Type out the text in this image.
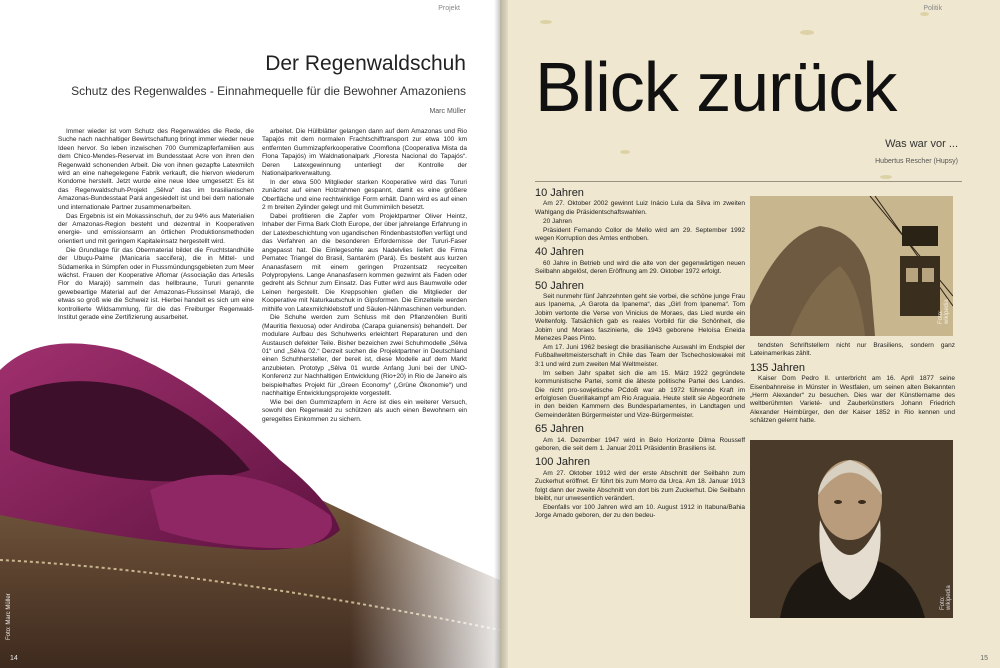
Projekt
Der Regenwaldschuh
Schutz des Regenwaldes - Einnahmequelle für die Bewohner Amazoniens
Marc Müller

Immer wieder ist vom Schutz des Regenwaldes die Rede, die Suche nach nachhaltiger Bewirtschaftung bringt immer wieder neue Ideen hervor. So leben inzwischen 700 Gummizapferfamilien aus dem Chico-Mendes-Reservat im Bundesstaat Acre von ihren den Regenwald schonenden Arbeit. Die von ihnen gezapfte Latexmilch wird an eine nahegelegene Fabrik verkauft, die hiervon wiederum Kondome herstellt. Jetzt wurde eine neue Idee umgesetzt: Es ist das Regenwaldschuh-Projekt „Sêlva“ das im brasilianischen Amazonas-Bundesstaat Pará angesiedelt ist und bei dem nationale und internationale Partner zusammenarbeiten.

Das Ergebnis ist ein Mokassinschuh, der zu 94% aus Materialien der Amazonas-Region besteht und dezentral in Kooperativen energie- und emissionsarm an örtlichen Produktionsmethoden orientiert und mit geringem Kapitaleinsatz hergestellt wird.

Die Grundlage für das Obermaterial bildet die Fruchtstandhülle der Ubuçu-Palme (Manicaria saccifera), die in Mittel- und Südamerika in Sümpfen oder in Flussmündungsgebieten zum Meer wächst. Frauen der Kooperative Aflomar (Associação das Artesãs Flor do Marajó) sammeln das hellbraune, Tururi genannte gewebeartige Material auf der Amazonas-Flussinsel Marajó, die etwas so groß wie die Schweiz ist. Hierbei handelt es sich um eine kontrollierte Wildsammlung, für die das Freiburger Regenwald-Institut gerade eine Zertifizierung ausarbeitet.

arbeitet. Die Hüllblätter gelangen dann auf dem Amazonas und Rio Tapajós mit dem normalen Frachtschifftransport zur etwa 100 km entfernten Gummizapferkooperative Coomflona (Cooperativa Mista da Flona Tapajós) im Waldnationalpark „Floresta Nacional do Tapajós“. Deren Latexgewinnung unterliegt der Kontrolle der Nationalparkverwaltung.

In der etwa 500 Mitglieder starken Kooperative wird das Tururi zunächst auf einen Holzrahmen gespannt, damit es eine größere Oberfläche und eine rechtwinklige Form erhält. Dann wird es auf einen 2 m breiten Zylinder gelegt und mit Gummimilch besetzt.

Dabei profitieren die Zapfer vom Projektpartner Oliver Heintz, Inhaber der Firma Bark Cloth Europe, der über jahrelange Erfahrung in der Latexbeschichtung von ugandischen Rindenbaststoffen verfügt und das Verfahren an die besonderen Erfordernisse der Tururi-Faser angepasst hat. Die Einlegesohle aus Nadelvlies liefert die Firma Pematec Triangel do Brasil, Santarém (Pará). Es besteht aus kurzen Ananasfasern mit einem geringen Prozentsatz recycelten Polypropylens. Lange Ananasfasern kommen gezwirnt als Faden oder gedreht als Schnur zum Einsatz. Das Futter wird aus Baumwolle oder Leinen hergestellt. Die Kreppsohlen gießen die Mitglieder der Kooperative mit Naturkautschuk in Gipsformen. Die Einzelteile werden mithilfe von Latexmilchklebstoff und Säulen-Nähmaschinen verbunden.

Die Schuhe werden zum Schluss mit den Pflanzenölen Buriti (Mauritia flexuosa) oder Andiroba (Carapa guianensis) behandelt. Der modulare Aufbau des Schuhwerks erleichtert Reparaturen und den Austausch defekter Teile. Bisher bezeichen zwei Schuhmodelle „Sêlva 01“ und „Sêlva 02.“ Derzeit suchen die Projektpartner in Deutschland einen Schuhhersteller, der bereit ist, diese Modelle auf dem Markt anzubieten. Prototyp „Sêlva 01 wurde Anfang Juni bei der UNO-Konferenz zur Nachhaltigen Entwicklung (Rio+20) in Rio de Janeiro als beispielhaftes Projekt für „Green Economy“ („Grüne Ökonomie“) und nachhaltige Entwicklungsprojekte vorgestellt.

Wie bei den Gummizapfern in Acre ist dies ein weiterer Versuch, sowohl den Regenwald zu schützen als auch einen Bewohnern ein geregeltes Einkommen zu sichern.

Foto: Marc Müller
14
Politik
Blick zurück
Was war vor ...
Hubertus Rescher (Hupsy)
10 Jahren

Am 27. Oktober 2002 gewinnt Luiz Inácio Lula da Silva im zweiten Wahlgang die Präsidentschaftswahlen.

20 Jahren

Präsident Fernando Collor de Mello wird am 29. September 1992 wegen Korruption des Amtes enthoben.

40 Jahren

60 Jahre in Betrieb und wird die alte von der gegenwärtigen neuen Seilbahn abgelöst, deren Eröffnung am 29. Oktober 1972 erfolgt.

50 Jahren

Seit nunmehr fünf Jahrzehnten geht sie vorbei, die schöne junge Frau aus Ipanema, „A Garota da Ipanema“, das „Girl from Ipanema“. Tom Jobim vertonte die Verse von Vinicius de Moraes, das Lied wurde ein Weltenfolg. Tatsächlich gab es reales Vorbild für die Schönheit, die Jobim und Moraes faszinierte, die 1943 geborene Heloísa Eneida Menezes Paes Pinto.

Am 17. Juni 1962 besiegt die brasilianische Auswahl im Endspiel der Fußballweltmeisterschaft in Chile das Team der Tschechoslowakei mit 3:1 und wird zum zweiten Mal Weltmeister.

Im selben Jahr spaltet sich die am 15. März 1922 gegründete kommunistische Partei, somit die älteste politische Partei des Landes. Die nicht pro-sowjetische PCdoB war ab 1972 führende Kraft im erfolglosen Guerillakampf am Rio Araguaia. Heute stellt sie Abgeordnete in den beiden Kammern des Bundesparlamentes, in Landtagen und Gemeinderäten Bürgermeister und Vize-Bürgermeister.

65 Jahren

Am 14. Dezember 1947 wird in Belo Horizonte Dilma Rousseff geboren, die seit dem 1. Januar 2011 Präsidentin Brasiliens ist.

100 Jahren

Am 27. Oktober 1912 wird der erste Abschnitt der Seilbahn zum Zuckerhut eröffnet. Er führt bis zum Morro da Urca. Am 18. Januar 1913 folgt dann der zweite Abschnitt von dort bis zum Zuckerhut. Die Seilbahn bleibt, nur unwesentlich verändert.

Ebenfalls vor 100 Jahren wird am 10. August 1912 in Itabuna/Bahia Jorge Amado geboren, der zu den bedeu-

Foto: wikipedia

tendsten Schriftstellern nicht nur Brasiliens, sondern ganz Lateinamerikas zählt.

135 Jahren

Kaiser Dom Pedro II. unterbricht am 16. April 1877 seine Eisenbahnreise in Münster in Westfalen, um seinen alten Bekannten „Herrn Alexander“ zu besuchen. Dies war der Künstlername des weltberühmten Varieté- und Zauberkünstlers Johann Friedrich Alexander Heimbürger, den der Kaiser 1852 in Rio kennen und schätzen gelernt hatte.

Foto: wikipedia
15
